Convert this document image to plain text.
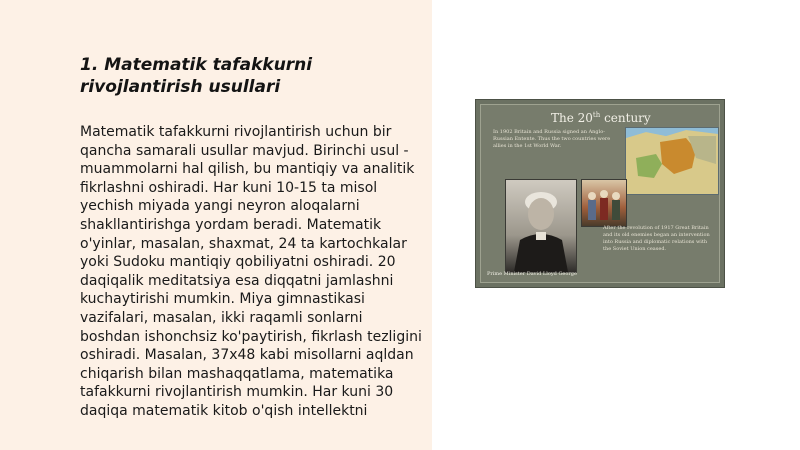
1. Matematik tafakkurni rivojlantirish usullari

Matematik tafakkurni rivojlantirish uchun bir qancha samarali usullar mavjud. Birinchi usul - muammolarni hal qilish, bu mantiqiy va analitik fikrlashni oshiradi. Har kuni 10-15 ta misol yechish miyada yangi neyron aloqalarni shakllantirishga yordam beradi. Matematik o'yinlar, masalan, shaxmat, 24 ta kartochkalar yoki Sudoku mantiqiy qobiliyatni oshiradi. 20 daqiqalik meditatsiya esa diqqatni jamlashni kuchaytirishi mumkin. Miya gimnastikasi vazifalari, masalan, ikki raqamli sonlarni boshdan ishonchsiz ko'paytirish, fikrlash tezligini oshiradi. Masalan, 37x48 kabi misollarni aqldan chiqarish bilan mashaqqatlama, matematika tafakkurni rivojlantirish mumkin. Har kuni 30 daqiqa matematik kitob o'qish intellektni

The 20th century
In 1902 Britain and Russia signed an Anglo-Russian Entente. Thus the two countries were allies in the 1st World War.
After the revolution of 1917 Great Britain and its old enemies began an intervention into Russia and diplomatic relations with the Soviet Union ceased.
Prime Minister David Lloyd George
